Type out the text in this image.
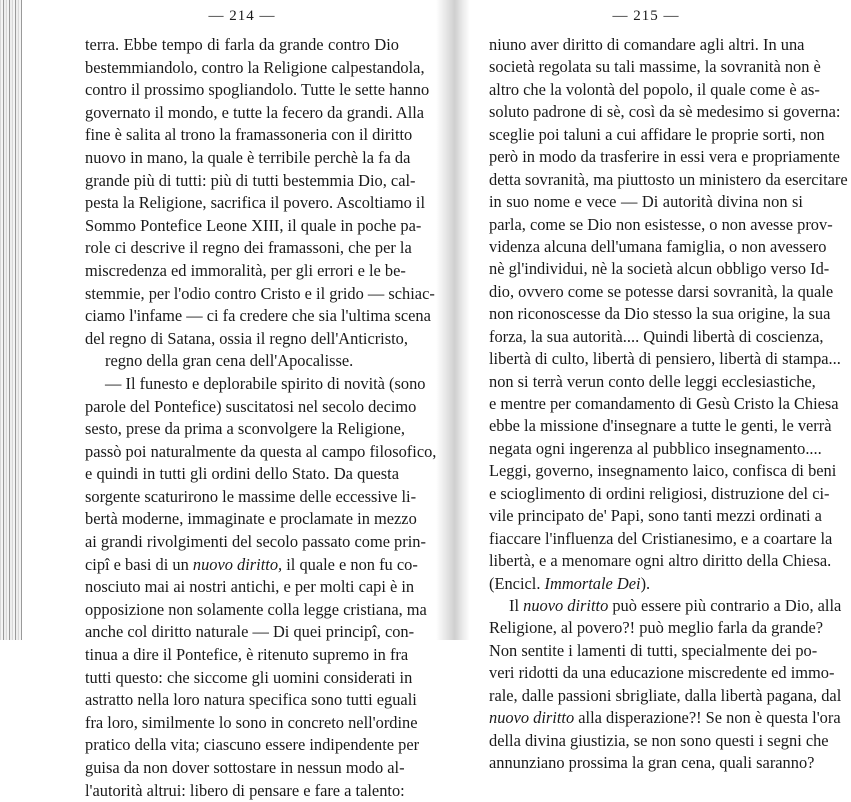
— 214 —
terra. Ebbe tempo di farla da grande contro Dio
bestemmiandolo, contro la Religione calpestandola,
contro il prossimo spogliandolo. Tutte le sette hanno
governato il mondo, e tutte la fecero da grandi. Alla
fine è salita al trono la framassoneria con il diritto
nuovo in mano, la quale è terribile perchè la fa da
grande più di tutti: più di tutti bestemmia Dio, cal-
pesta la Religione, sacrifica il povero. Ascoltiamo il
Sommo Pontefice Leone XIII, il quale in poche pa-
role ci descrive il regno dei framassoni, che per la
miscredenza ed immoralità, per gli errori e le be-
stemmie, per l'odio contro Cristo e il grido — schiac-
ciamo l'infame — ci fa credere che sia l'ultima scena
del regno di Satana, ossia il regno dell'Anticristo,
regno della gran cena dell'Apocalisse.
— Il funesto e deplorabile spirito di novità (sono
parole del Pontefice) suscitatosi nel secolo decimo
sesto, prese da prima a sconvolgere la Religione,
passò poi naturalmente da questa al campo filosofico,
e quindi in tutti gli ordini dello Stato. Da questa
sorgente scaturirono le massime delle eccessive li-
bertà moderne, immaginate e proclamate in mezzo
ai grandi rivolgimenti del secolo passato come prin-
cipî e basi di un nuovo diritto, il quale e non fu co-
nosciuto mai ai nostri antichi, e per molti capi è in
opposizione non solamente colla legge cristiana, ma
anche col diritto naturale — Di quei principî, con-
tinua a dire il Pontefice, è ritenuto supremo in fra
tutti questo: che siccome gli uomini considerati in
astratto nella loro natura specifica sono tutti eguali
fra loro, similmente lo sono in concreto nell'ordine
pratico della vita; ciascuno essere indipendente per
guisa da non dover sottostare in nessun modo al-
l'autorità altrui: libero di pensare e fare a talento:
— 215 —
niuno aver diritto di comandare agli altri. In una
società regolata su tali massime, la sovranità non è
altro che la volontà del popolo, il quale come è as-
soluto padrone di sè, così da sè medesimo si governa:
sceglie poi taluni a cui affidare le proprie sorti, non
però in modo da trasferire in essi vera e propriamente
detta sovranità, ma piuttosto un ministero da esercitare
in suo nome e vece — Di autorità divina non si
parla, come se Dio non esistesse, o non avesse prov-
videnza alcuna dell'umana famiglia, o non avessero
nè gl'individui, nè la società alcun obbligo verso Id-
dio, ovvero come se potesse darsi sovranità, la quale
non riconoscesse da Dio stesso la sua origine, la sua
forza, la sua autorità.... Quindi libertà di coscienza,
libertà di culto, libertà di pensiero, libertà di stampa...
non si terrà verun conto delle leggi ecclesiastiche,
e mentre per comandamento di Gesù Cristo la Chiesa
ebbe la missione d'insegnare a tutte le genti, le verrà
negata ogni ingerenza al pubblico insegnamento....
Leggi, governo, insegnamento laico, confisca di beni
e scioglimento di ordini religiosi, distruzione del ci-
vile principato de' Papi, sono tanti mezzi ordinati a
fiaccare l'influenza del Cristianesimo, e a coartare la
libertà, e a menomare ogni altro diritto della Chiesa.
(Encicl. Immortale Dei).
Il nuovo diritto può essere più contrario a Dio, alla
Religione, al povero?! può meglio farla da grande?
Non sentite i lamenti di tutti, specialmente dei po-
veri ridotti da una educazione miscredente ed immo-
rale, dalle passioni sbrigliate, dalla libertà pagana, dal
nuovo diritto alla disperazione?! Se non è questa l'ora
della divina giustizia, se non sono questi i segni che
annunziano prossima la gran cena, quali saranno?
